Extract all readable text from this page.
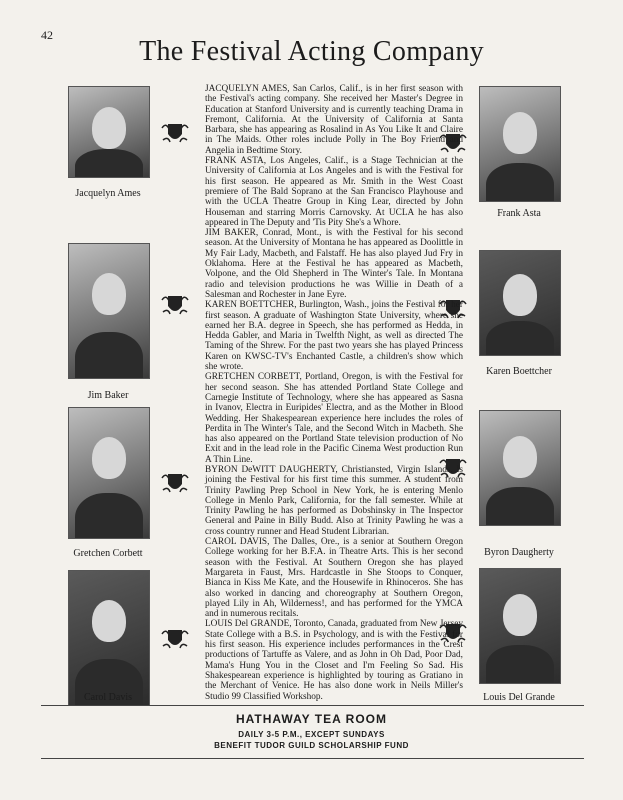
42
The Festival Acting Company
Jacquelyn Ames
Jim Baker
Gretchen Corbett
Carol Davis
Frank Asta
Karen Boettcher
Byron Daugherty
Louis Del Grande

JACQUELYN AMES, San Carlos, Calif., is in her first season with the Festival's acting company. She received her Master's Degree in Education at Stanford University and is currently teaching Drama in Fremont, California. At the University of California at Santa Barbara, she has appearing as Rosalind in As You Like It and Claire in The Maids. Other roles include Polly in The Boy Friend and Angelia in Bedtime Story.

FRANK ASTA, Los Angeles, Calif., is a Stage Technician at the University of California at Los Angeles and is with the Festival for his first season. He appeared as Mr. Smith in the West Coast premiere of The Bald Soprano at the San Francisco Playhouse and with the UCLA Theatre Group in King Lear, directed by John Houseman and starring Morris Carnovsky. At UCLA he has also appeared in The Deputy and 'Tis Pity She's a Whore.

JIM BAKER, Conrad, Mont., is with the Festival for his second season. At the University of Montana he has appeared as Doolittle in My Fair Lady, Macbeth, and Falstaff. He has also played Jud Fry in Oklahoma. Here at the Festival he has appeared as Macbeth, Volpone, and the Old Shepherd in The Winter's Tale. In Montana radio and television productions he was Willie in Death of a Salesman and Rochester in Jane Eyre.

KAREN BOETTCHER, Burlington, Wash., joins the Festival for her first season. A graduate of Washington State University, where she earned her B.A. degree in Speech, she has performed as Hedda, in Hedda Gabler, and Maria in Twelfth Night, as well as directed The Taming of the Shrew. For the past two years she has played Princess Karen on KWSC-TV's Enchanted Castle, a children's show which she wrote.

GRETCHEN CORBETT, Portland, Oregon, is with the Festival for her second season. She has attended Portland State College and Carnegie Institute of Technology, where she has appeared as Sasna in Ivanov, Electra in Euripides' Electra, and as the Mother in Blood Wedding. Her Shakespearean experience here includes the roles of Perdita in The Winter's Tale, and the Second Witch in Macbeth. She has also appeared on the Portland State television production of No Exit and in the lead role in the Pacific Cinema West production Run A Thin Line.

BYRON DeWITT DAUGHERTY, Christiansted, Virgin Islands, is joining the Festival for his first time this summer. A student from Trinity Pawling Prep School in New York, he is entering Menlo College in Menlo Park, California, for the fall semester. While at Trinity Pawling he has performed as Dobshinsky in The Inspector General and Paine in Billy Budd. Also at Trinity Pawling he was a cross country runner and Head Student Librarian.

CAROL DAVIS, The Dalles, Ore., is a senior at Southern Oregon College working for her B.F.A. in Theatre Arts. This is her second season with the Festival. At Southern Oregon she has played Margareta in Faust, Mrs. Hardcastle in She Stoops to Conquer, Bianca in Kiss Me Kate, and the Housewife in Rhinoceros. She has also worked in dancing and choreography at Southern Oregon, played Lily in Ah, Wilderness!, and has performed for the YMCA and in numerous recitals.

LOUIS Del GRANDE, Toronto, Canada, graduated from New Jersey State College with a B.S. in Psychology, and is with the Festival for his first season. His experience includes performances in the Crest productions of Tartuffe as Valere, and as John in Oh Dad, Poor Dad, Mama's Hung You in the Closet and I'm Feeling So Sad. His Shakespearean experience is highlighted by touring as Gratiano in the Merchant of Venice. He has also done work in Neils Miller's Studio 99 Classified Workshop.

HATHAWAY TEA ROOM
DAILY 3-5 P.M., EXCEPT SUNDAYS
BENEFIT TUDOR GUILD SCHOLARSHIP FUND
